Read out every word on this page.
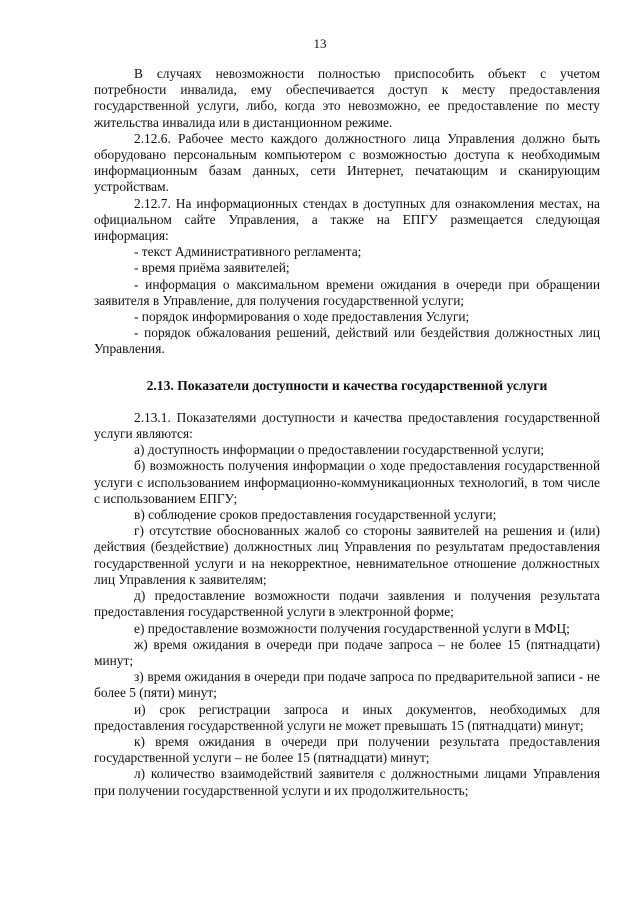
13

В случаях невозможности полностью приспособить объект с учетом потребности инвалида, ему обеспечивается доступ к месту предоставления государственной услуги, либо, когда это невозможно, ее предоставление по месту жительства инвалида или в дистанционном режиме.

2.12.6. Рабочее место каждого должностного лица Управления должно быть оборудовано персональным компьютером с возможностью доступа к необходимым информационным базам данных, сети Интернет, печатающим и сканирующим устройствам.

2.12.7. На информационных стендах в доступных для ознакомления местах, на официальном сайте Управления, а также на ЕПГУ размещается следующая информация:

- текст Административного регламента;

- время приёма заявителей;

- информация о максимальном времени ожидания в очереди при обращении заявителя в Управление, для получения государственной услуги;

- порядок информирования о ходе предоставления Услуги;

- порядок обжалования решений, действий или бездействия должностных лиц Управления.

2.13. Показатели доступности и качества государственной услуги

2.13.1. Показателями доступности и качества предоставления государственной услуги являются:

а) доступность информации о предоставлении государственной услуги;

б) возможность получения информации о ходе предоставления государственной услуги с использованием информационно-коммуникационных технологий, в том числе с использованием ЕПГУ;

в) соблюдение сроков предоставления государственной услуги;

г) отсутствие обоснованных жалоб со стороны заявителей на решения и (или) действия (бездействие) должностных лиц Управления по результатам предоставления государственной услуги и на некорректное, невнимательное отношение должностных лиц Управления к заявителям;

д) предоставление возможности подачи заявления и получения результата предоставления государственной услуги в электронной форме;

е) предоставление возможности получения государственной услуги в МФЦ;

ж) время ожидания в очереди при подаче запроса – не более 15 (пятнадцати) минут;

з) время ожидания в очереди при подаче запроса по предварительной записи - не более 5 (пяти) минут;

и) срок регистрации запроса и иных документов, необходимых для предоставления государственной услуги не может превышать 15 (пятнадцати) минут;

к) время ожидания в очереди при получении результата предоставления государственной услуги – не более 15 (пятнадцати) минут;

л) количество взаимодействий заявителя с должностными лицами Управления при получении государственной услуги и их продолжительность;
